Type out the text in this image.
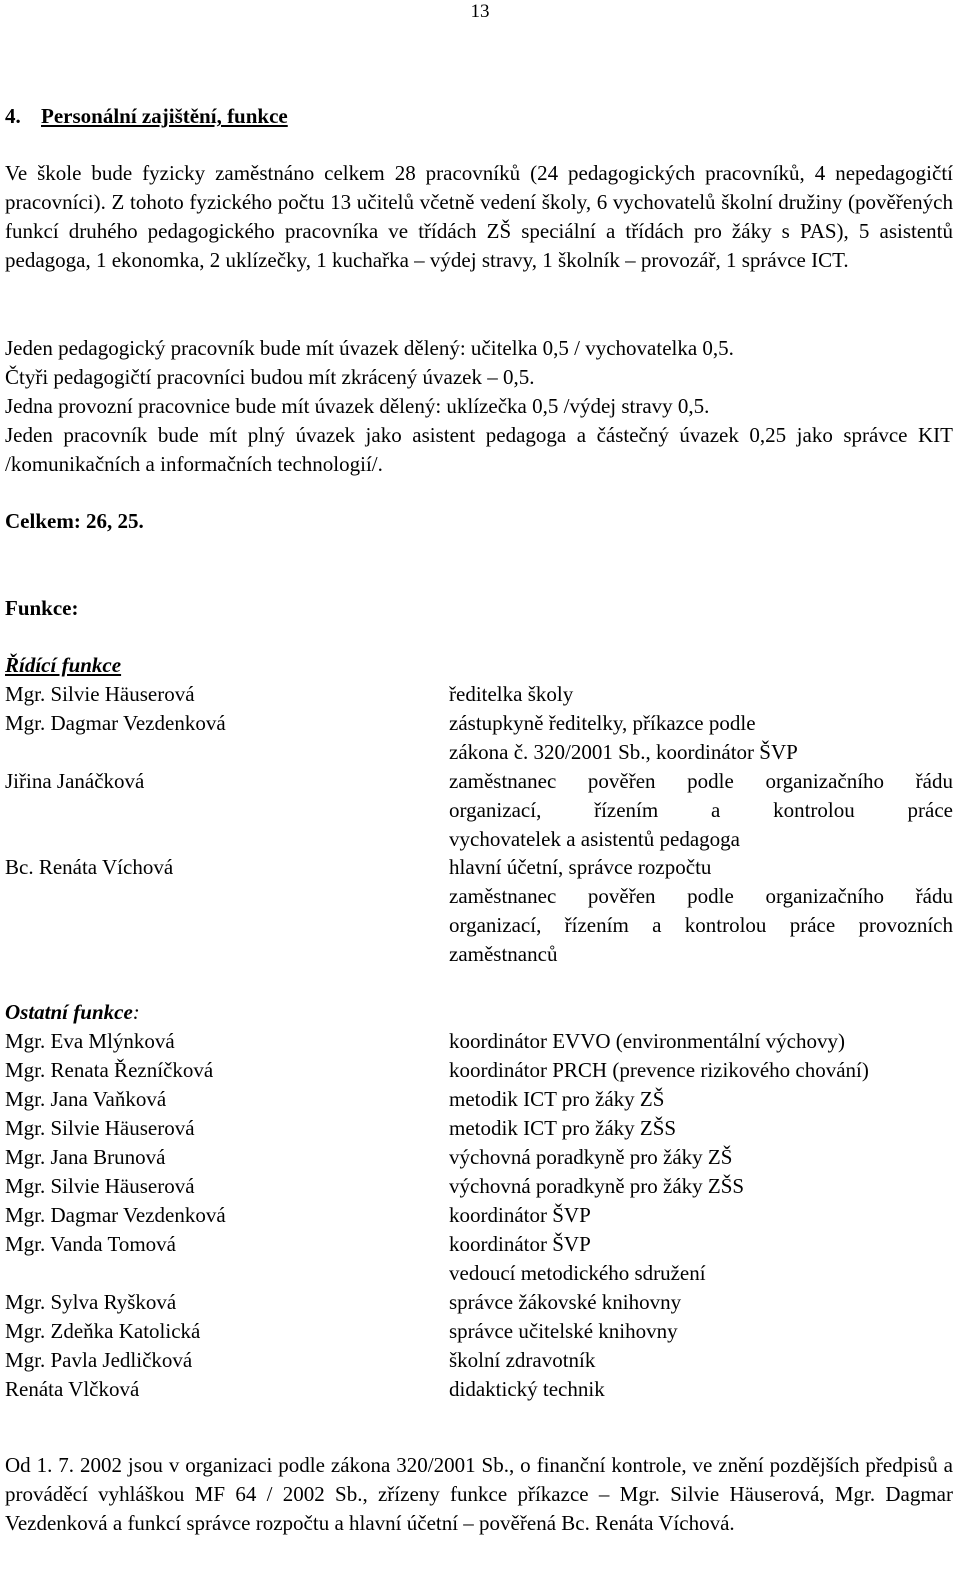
13
4. Personální zajištění, funkce
Ve škole bude fyzicky zaměstnáno celkem 28 pracovníků (24 pedagogických pracovníků, 4 nepedagogičtí pracovníci). Z tohoto fyzického počtu 13 učitelů včetně vedení školy, 6 vychovatelů školní družiny (pověřených funkcí druhého pedagogického pracovníka ve třídách ZŠ speciální a třídách pro žáky s PAS), 5 asistentů pedagoga, 1 ekonomka, 2 uklízečky, 1 kuchařka – výdej stravy, 1 školník – provozář, 1 správce ICT.
Jeden pedagogický pracovník bude mít úvazek dělený: učitelka 0,5 / vychovatelka 0,5.
Čtyři pedagogičtí pracovníci budou mít zkrácený úvazek – 0,5.
Jedna provozní pracovnice bude mít úvazek dělený: uklízečka 0,5 /výdej stravy 0,5.
Jeden pracovník bude mít plný úvazek jako asistent pedagoga a částečný úvazek 0,25 jako správce KIT /komunikačních a informačních technologií/.
Celkem: 26, 25.
Funkce:
Řídící funkce
Mgr. Silvie Häuserová	ředitelka školy
Mgr. Dagmar Vezdenková	zástupkyně ředitelky, příkazce podle
zákona č. 320/2001 Sb., koordinátor ŠVP
Jiřina Janáčková	zaměstnanec pověřen podle organizačního řádu
organizací, řízením a kontrolou práce
vychovatelek a asistentů pedagoga
Bc. Renáta Víchová	hlavní účetní, správce rozpočtu
zaměstnanec pověřen podle organizačního řádu
organizací, řízením a kontrolou práce provozních
zaměstnanců
Ostatní funkce:
Mgr. Eva Mlýnková	koordinátor EVVO (environmentální výchovy)
Mgr. Renata Řezníčková	koordinátor PRCH (prevence rizikového chování)
Mgr. Jana Vaňková	metodik ICT pro žáky ZŠ
Mgr. Silvie Häuserová	metodik ICT pro žáky ZŠS
Mgr. Jana Brunová	výchovná poradkyně pro žáky ZŠ
Mgr. Silvie Häuserová	výchovná poradkyně pro žáky ZŠS
Mgr. Dagmar Vezdenková	koordinátor ŠVP
Mgr. Vanda Tomová	koordinátor ŠVP
vedoucí metodického sdružení
Mgr. Sylva Ryšková	správce žákovské knihovny
Mgr. Zdeňka Katolická	správce učitelské knihovny
Mgr. Pavla Jedličková	školní zdravotník
Renáta Vlčková	didaktický technik
Od 1. 7. 2002 jsou v organizaci podle zákona 320/2001 Sb., o finanční kontrole, ve znění pozdějších předpisů a prováděcí vyhláškou MF 64 / 2002 Sb., zřízeny funkce příkazce – Mgr. Silvie Häuserová, Mgr. Dagmar Vezdenková a funkcí správce rozpočtu a hlavní účetní – pověřená Bc. Renáta Víchová.
